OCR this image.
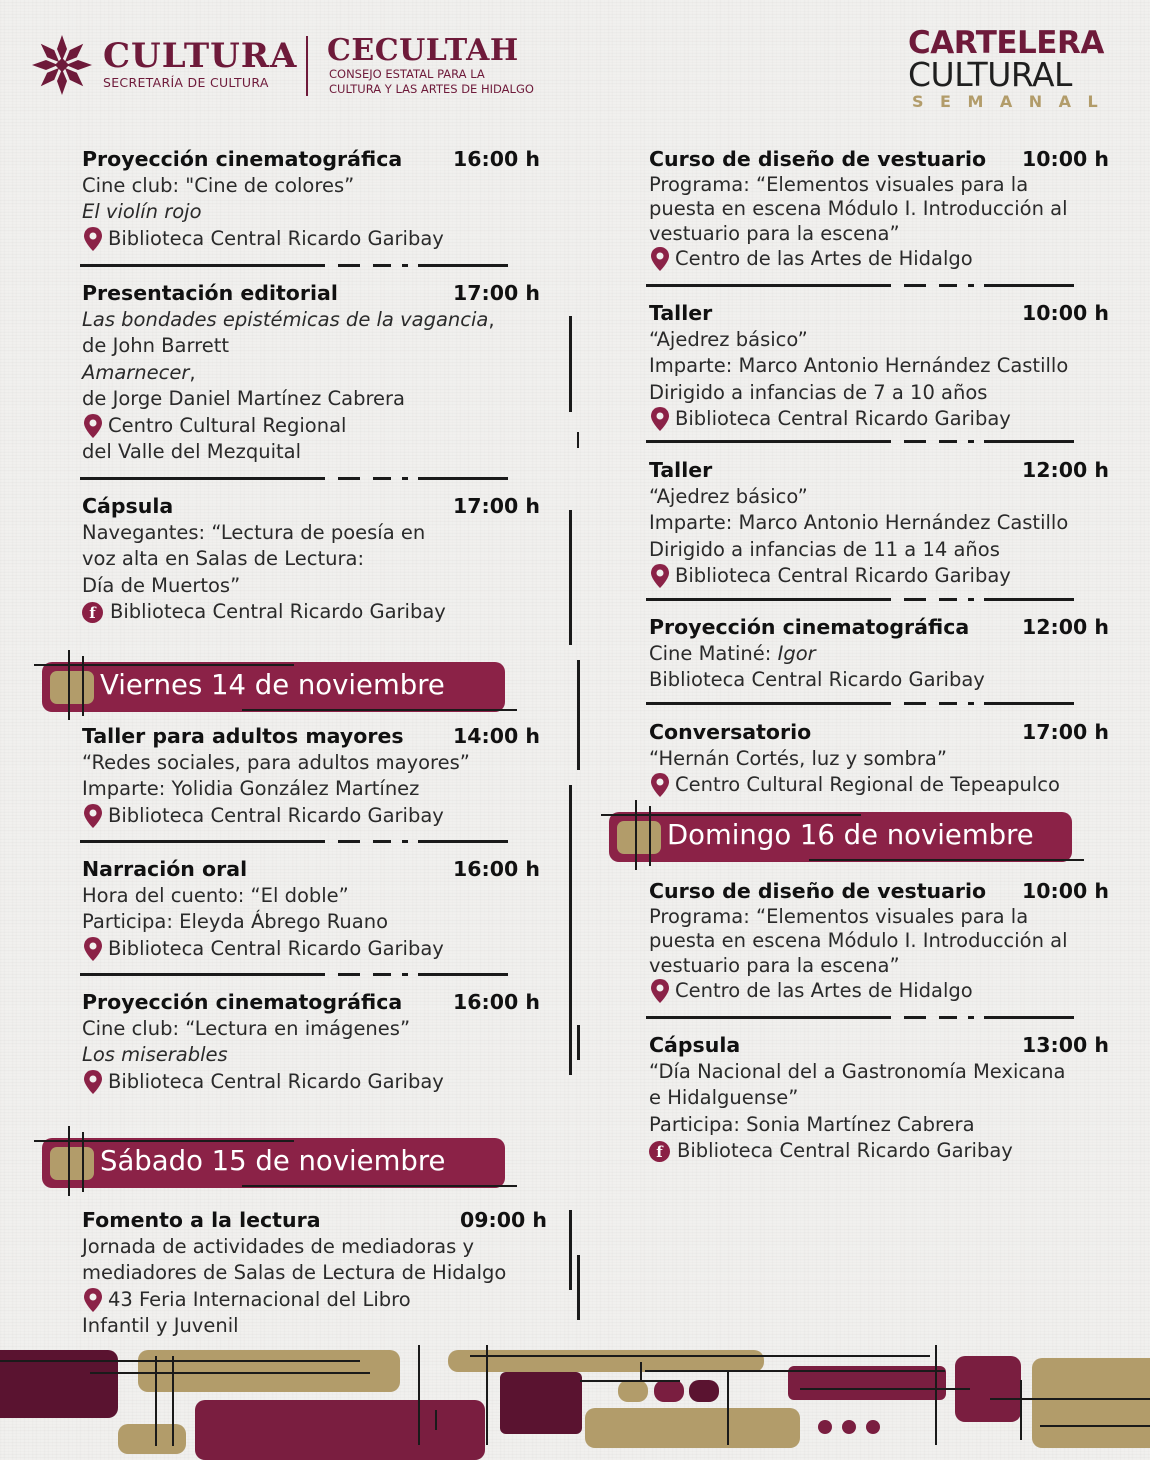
CULTURA
SECRETARÍA DE CULTURA
CECULTAH
CONSEJO ESTATAL PARA LA
CULTURA Y LAS ARTES DE HIDALGO
CARTELERA
CULTURAL
SEMANAL
Proyección cinematográfica 16:00 h
Cine club: "Cine de colores”
El violín rojo
Biblioteca Central Ricardo Garibay
Presentación editorial	17:00 h
Las bondades epistémicas de la vagancia,
de John Barrett
Amarnecer,
de Jorge Daniel Martínez Cabrera
Centro Cultural Regional
del Valle del Mezquital
Cápsula	17:00 h
Navegantes: “Lectura de poesía en
voz alta en Salas de Lectura:
Día de Muertos”
f Biblioteca Central Ricardo Garibay
Viernes 14 de noviembre
Taller para adultos mayores 14:00 h
“Redes sociales, para adultos mayores”
Imparte: Yolidia González Martínez
Biblioteca Central Ricardo Garibay
Narración oral	16:00 h
Hora del cuento: “El doble”
Participa: Eleyda Ábrego Ruano
Biblioteca Central Ricardo Garibay
Proyección cinematográfica 16:00 h
Cine club: “Lectura en imágenes”
Los miserables
Biblioteca Central Ricardo Garibay
Sábado 15 de noviembre
Fomento a la lectura	09:00 h
Jornada de actividades de mediadoras y
mediadores de Salas de Lectura de Hidalgo
43 Feria Internacional del Libro
Infantil y Juvenil
Curso de diseño de vestuario 10:00 h
Programa: “Elementos visuales para la
puesta en escena Módulo I. Introducción al
vestuario para la escena”
Centro de las Artes de Hidalgo
Taller	10:00 h
“Ajedrez básico”
Imparte: Marco Antonio Hernández Castillo
Dirigido a infancias de 7 a 10 años
Biblioteca Central Ricardo Garibay
Taller	12:00 h
“Ajedrez básico”
Imparte: Marco Antonio Hernández Castillo
Dirigido a infancias de 11 a 14 años
Biblioteca Central Ricardo Garibay
Proyección cinematográfica	12:00 h
Cine Matiné: Igor
Biblioteca Central Ricardo Garibay
Conversatorio	17:00 h
“Hernán Cortés, luz y sombra”
Centro Cultural Regional de Tepeapulco
Domingo 16 de noviembre
Curso de diseño de vestuario 10:00 h
Programa: “Elementos visuales para la
puesta en escena Módulo I. Introducción al
vestuario para la escena”
Centro de las Artes de Hidalgo
Cápsula	13:00 h
“Día Nacional del a Gastronomía Mexicana
e Hidalguense”
Participa: Sonia Martínez Cabrera
f Biblioteca Central Ricardo Garibay
